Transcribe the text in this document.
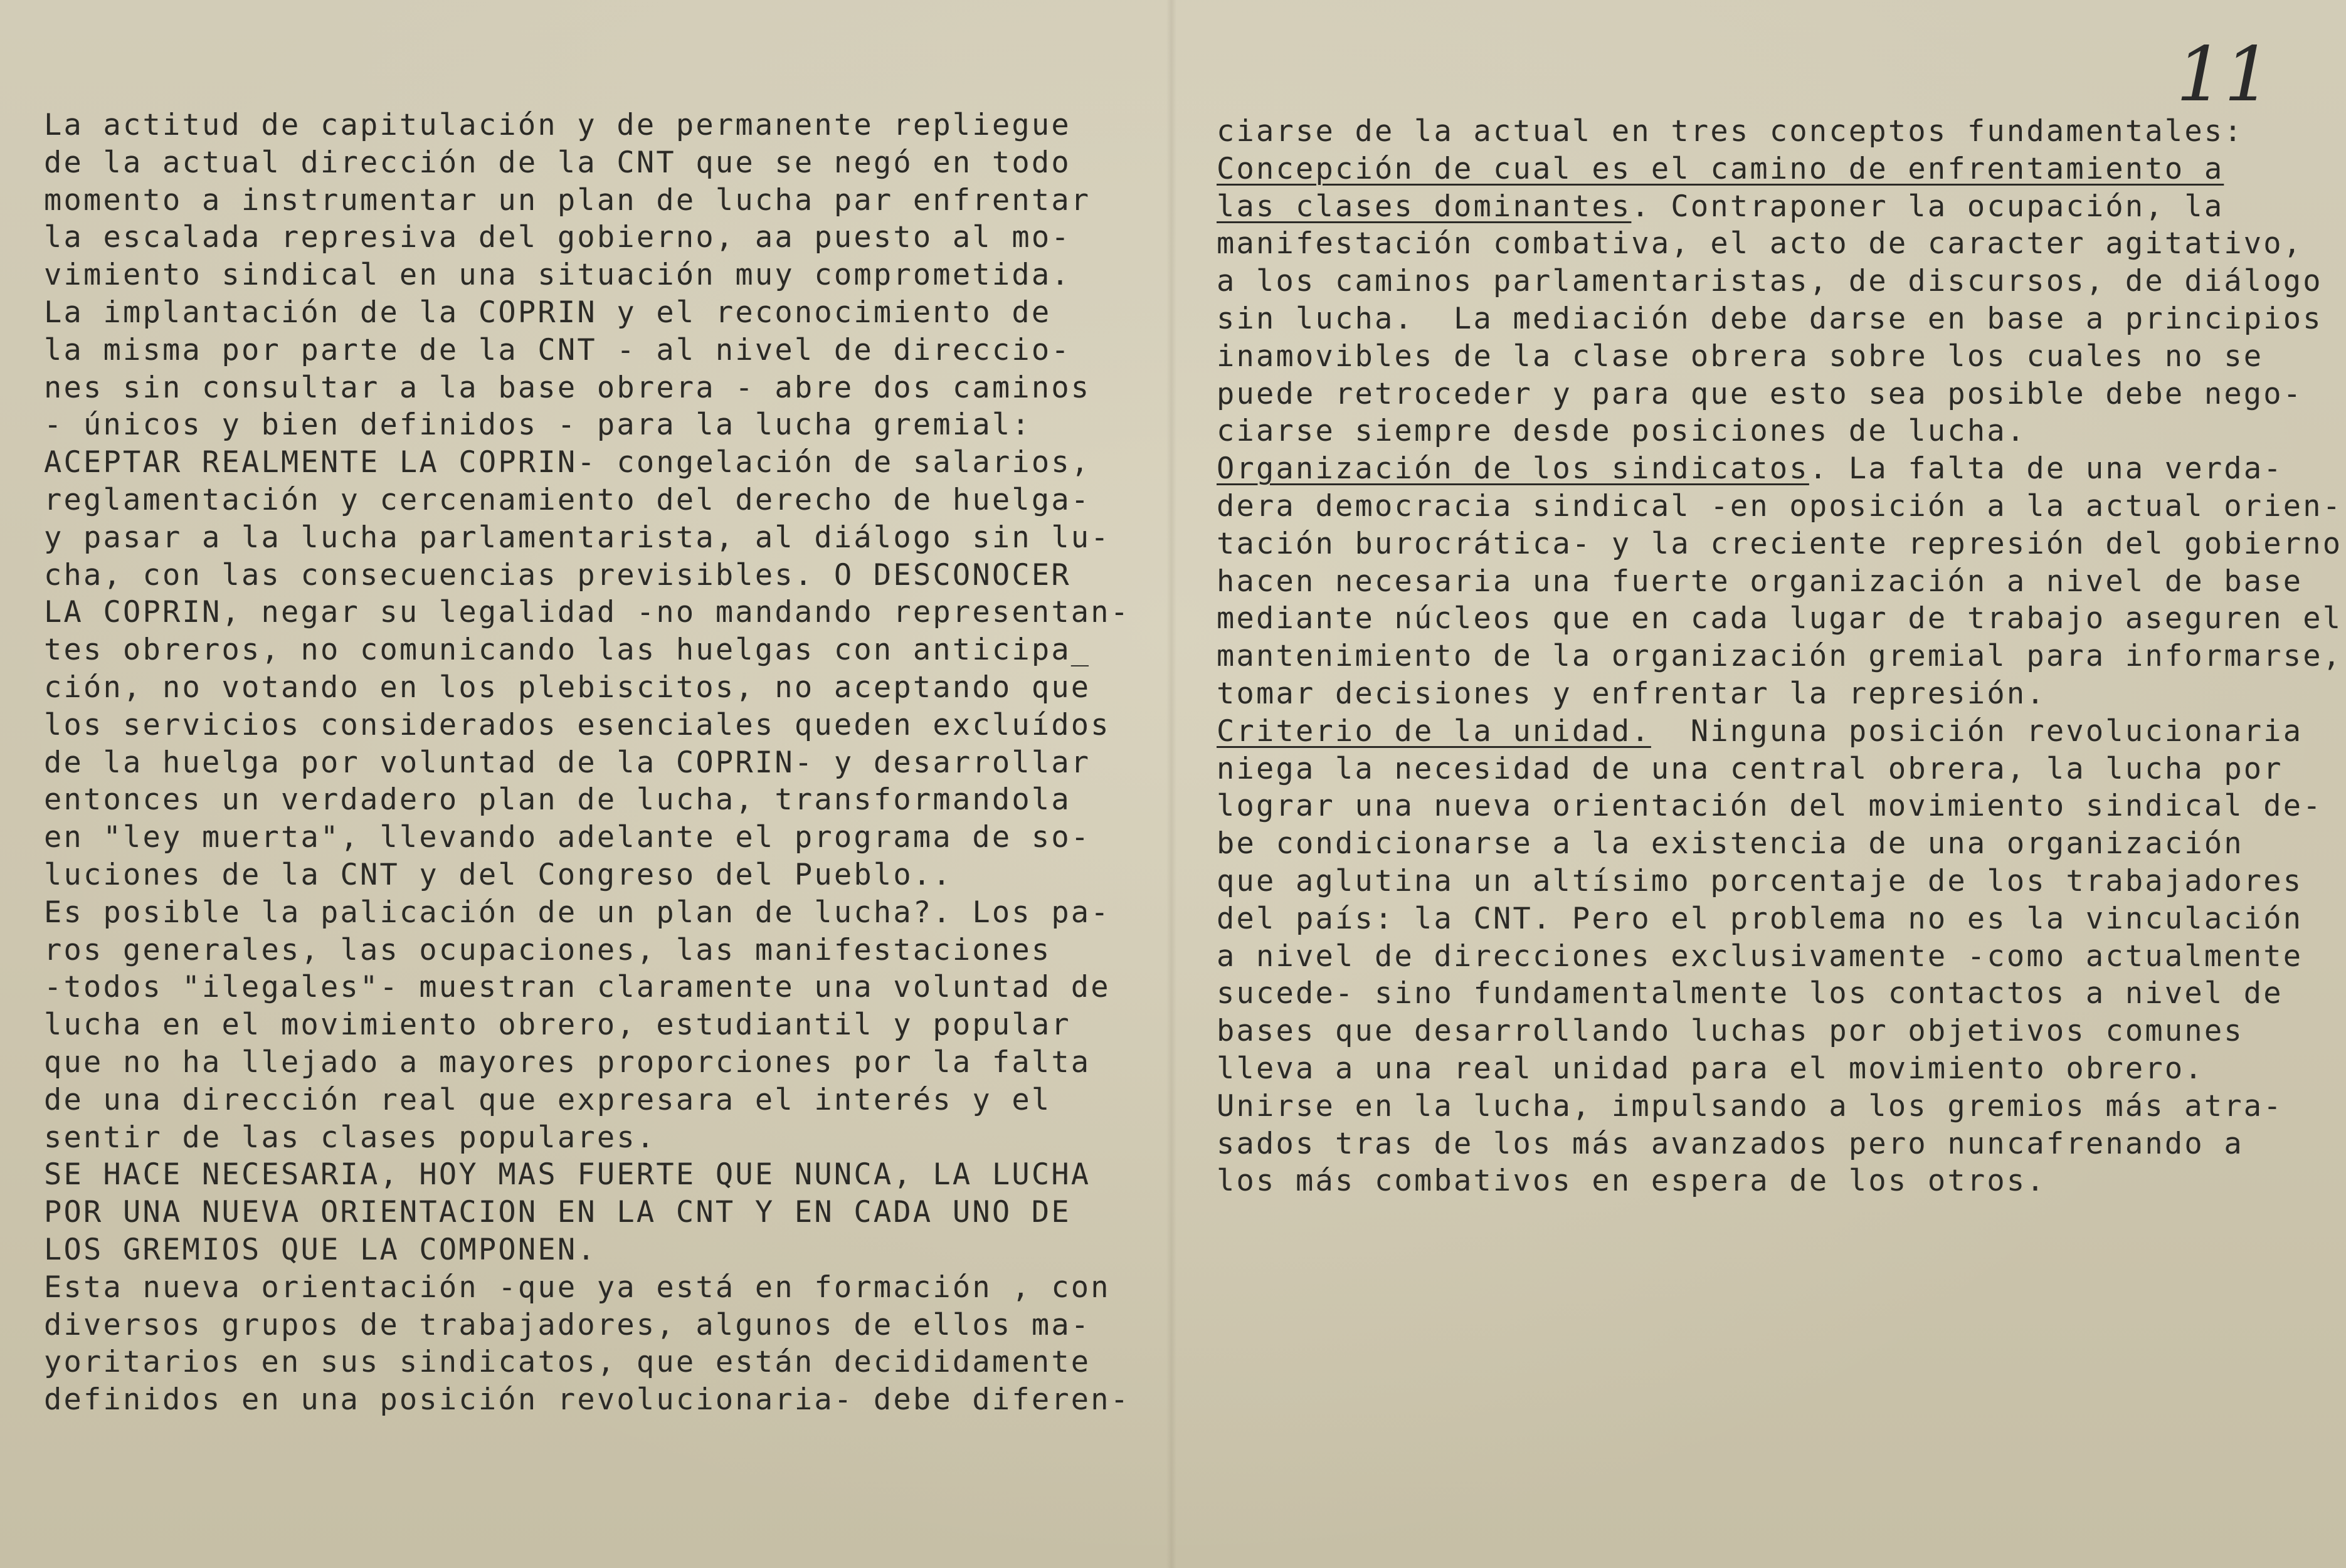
11
La actitud de capitulación y de permanente repliegue
de la actual dirección de la CNT que se negó en todo
momento a instrumentar un plan de lucha par enfrentar
la escalada represiva del gobierno, aa puesto al mo-
vimiento sindical en una situación muy comprometida.
La implantación de la COPRIN y el reconocimiento de
la misma por parte de la CNT - al nivel de direccio-
nes sin consultar a la base obrera - abre dos caminos
- únicos y bien definidos - para la lucha gremial:
ACEPTAR REALMENTE LA COPRIN- congelación de salarios,
reglamentación y cercenamiento del derecho de huelga-
y pasar a la lucha parlamentarista, al diálogo sin lu-
cha, con las consecuencias previsibles. O DESCONOCER
LA COPRIN, negar su legalidad -no mandando representan-
tes obreros, no comunicando las huelgas con anticipa_
ción, no votando en los plebiscitos, no aceptando que
los servicios considerados esenciales queden excluídos
de la huelga por voluntad de la COPRIN- y desarrollar
entonces un verdadero plan de lucha, transformandola
en "ley muerta", llevando adelante el programa de so-
luciones de la CNT y del Congreso del Pueblo..
Es posible la palicación de un plan de lucha?. Los pa-
ros generales, las ocupaciones, las manifestaciones
-todos "ilegales"- muestran claramente una voluntad de
lucha en el movimiento obrero, estudiantil y popular
que no ha llejado a mayores proporciones por la falta
de una dirección real que expresara el interés y el
sentir de las clases populares.
SE HACE NECESARIA, HOY MAS FUERTE QUE NUNCA, LA LUCHA
POR UNA NUEVA ORIENTACION EN LA CNT Y EN CADA UNO DE
LOS GREMIOS QUE LA COMPONEN.
Esta nueva orientación -que ya está en formación , con
diversos grupos de trabajadores, algunos de ellos ma-
yoritarios en sus sindicatos, que están decididamente
definidos en una posición revolucionaria- debe diferen-
ciarse de la actual en tres conceptos fundamentales:
Concepción de cual es el camino de enfrentamiento a
las clases dominantes. Contraponer la ocupación, la
manifestación combativa, el acto de caracter agitativo,
a los caminos parlamentaristas, de discursos, de diálogo
sin lucha.  La mediación debe darse en base a principios
inamovibles de la clase obrera sobre los cuales no se
puede retroceder y para que esto sea posible debe nego-
ciarse siempre desde posiciones de lucha.
Organización de los sindicatos. La falta de una verda-
dera democracia sindical -en oposición a la actual orien-
tación burocrática- y la creciente represión del gobierno
hacen necesaria una fuerte organización a nivel de base
mediante núcleos que en cada lugar de trabajo aseguren el
mantenimiento de la organización gremial para informarse,
tomar decisiones y enfrentar la represión.
Criterio de la unidad.  Ninguna posición revolucionaria
niega la necesidad de una central obrera, la lucha por
lograr una nueva orientación del movimiento sindical de-
be condicionarse a la existencia de una organización
que aglutina un altísimo porcentaje de los trabajadores
del país: la CNT. Pero el problema no es la vinculación
a nivel de direcciones exclusivamente -como actualmente
sucede- sino fundamentalmente los contactos a nivel de
bases que desarrollando luchas por objetivos comunes
lleva a una real unidad para el movimiento obrero.
Unirse en la lucha, impulsando a los gremios más atra-
sados tras de los más avanzados pero nuncafrenando a
los más combativos en espera de los otros.
